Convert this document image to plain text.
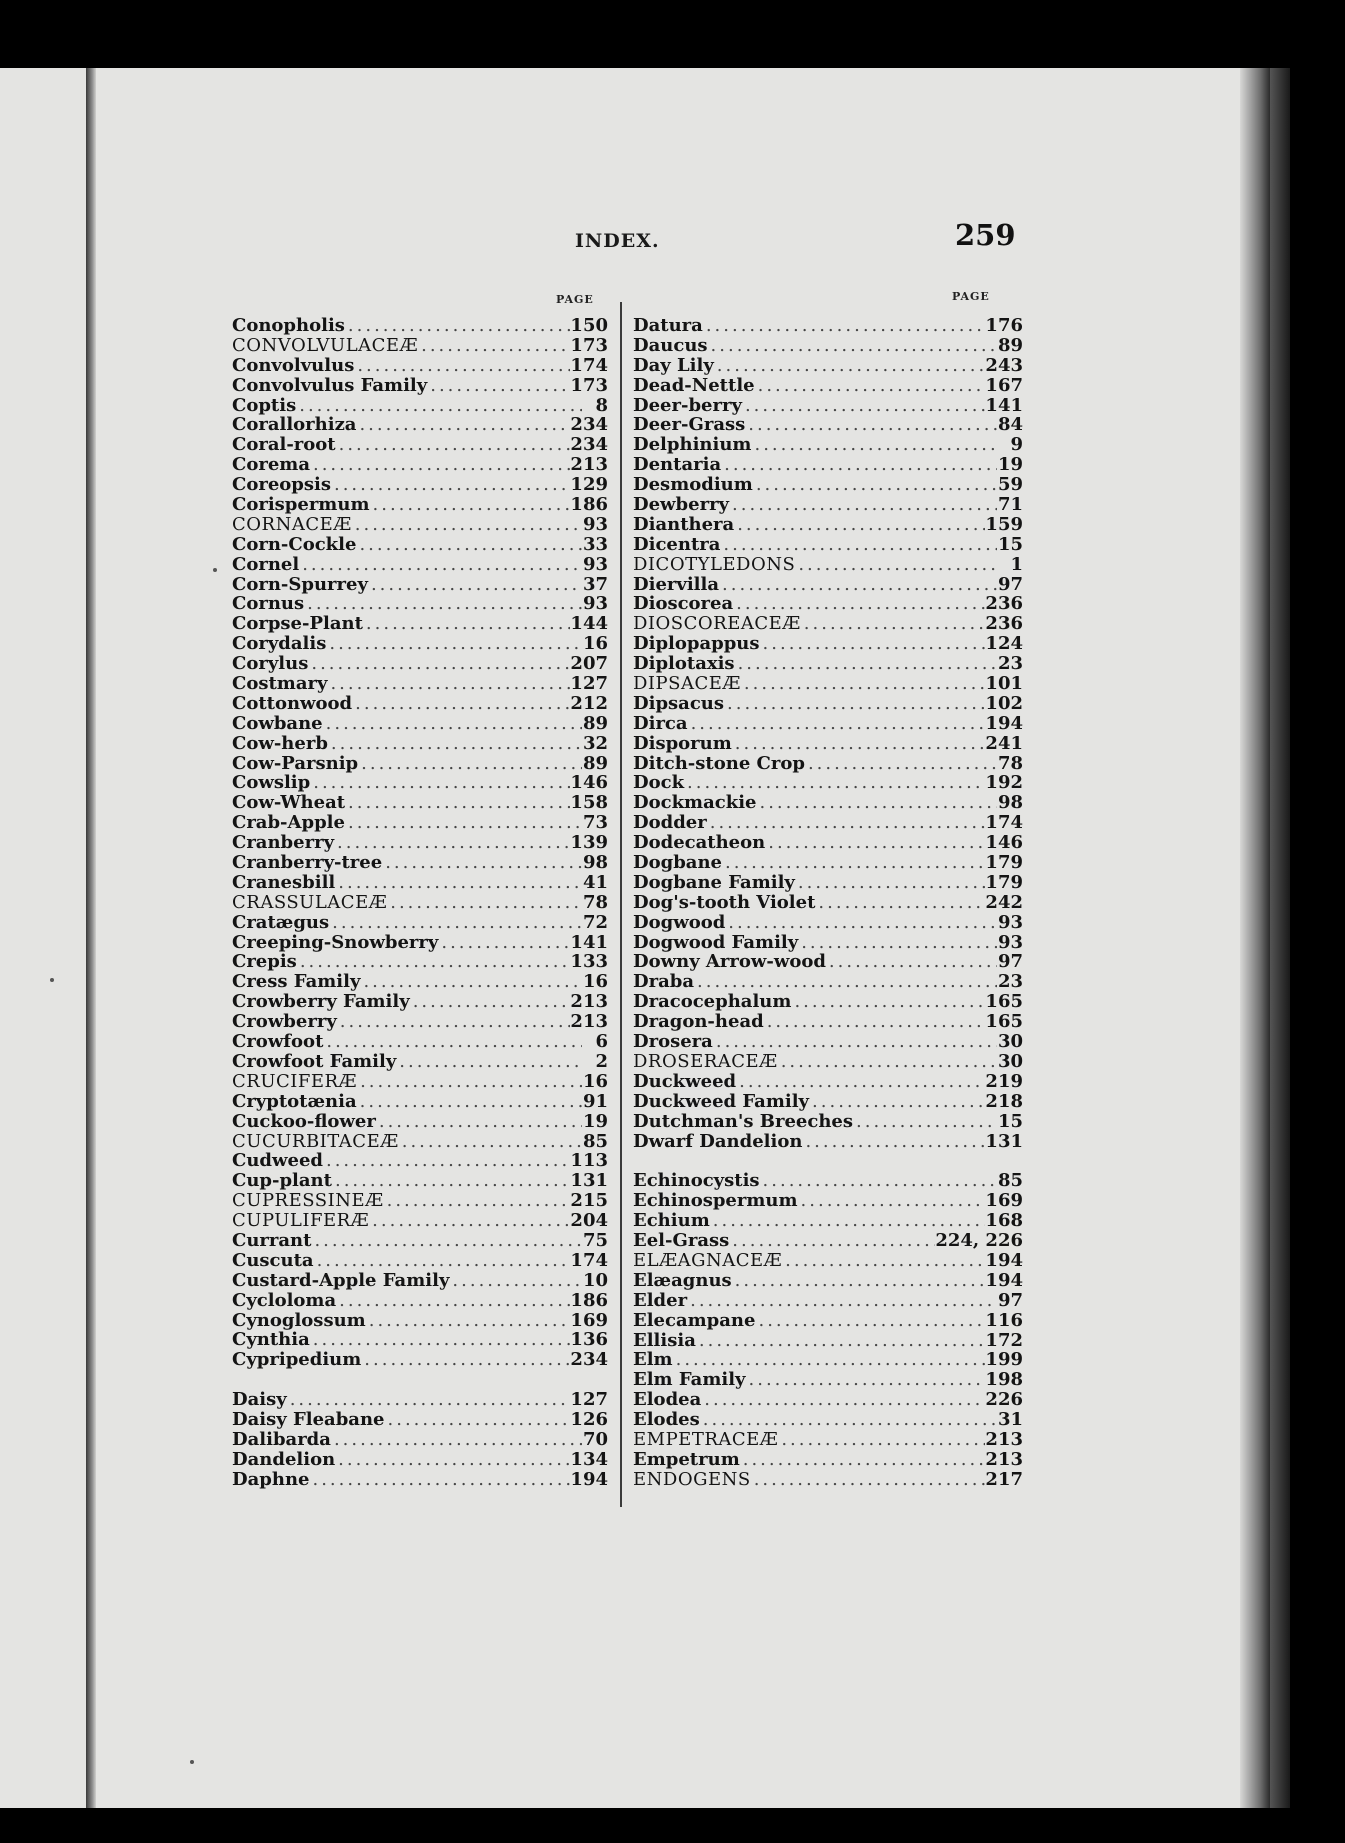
INDEX.	259
PAGE	PAGE
Conopholis .....	150
CONVOLVULACEÆ .....	173
Convolvulus .....	174
Convolvulus Family .....	173
Coptis .....	8
Corallorhiza .....	234
Coral-root .....	234
Corema .....	213
Coreopsis .....	129
Corispermum .....	186
CORNACEÆ .....	93
Corn-Cockle .....	33
Cornel .....	93
Corn-Spurrey .....	37
Cornus .....	93
Corpse-Plant .....	144
Corydalis .....	16
Corylus .....	207
Costmary .....	127
Cottonwood .....	212
Cowbane .....	89
Cow-herb .....	32
Cow-Parsnip .....	89
Cowslip .....	146
Cow-Wheat .....	158
Crab-Apple .....	73
Cranberry .....	139
Cranberry-tree .....	98
Cranesbill .....	41
CRASSULACEÆ .....	78
Cratægus .....	72
Creeping-Snowberry .....	141
Crepis .....	133
Cress Family .....	16
Crowberry Family .....	213
Crowberry .....	213
Crowfoot .....	6
Crowfoot Family .....	2
CRUCIFERÆ .....	16
Cryptotænia .....	91
Cuckoo-flower .....	19
CUCURBITACEÆ .....	85
Cudweed .....	113
Cup-plant .....	131
CUPRESSINEÆ .....	215
CUPULIFERÆ .....	204
Currant .....	75
Cuscuta .....	174
Custard-Apple Family .....	10
Cycloloma .....	186
Cynoglossum .....	169
Cynthia .....	136
Cypripedium .....	234
Daisy .....	127
Daisy Fleabane .....	126
Dalibarda .....	70
Dandelion .....	134
Daphne .....	194
Datura .....	176
Daucus .....	89
Day Lily .....	243
Dead-Nettle .....	167
Deer-berry .....	141
Deer-Grass .....	84
Delphinium .....	9
Dentaria .....	19
Desmodium .....	59
Dewberry .....	71
Dianthera .....	159
Dicentra .....	15
DICOTYLEDONS .....	1
Diervilla .....	97
Dioscorea .....	236
DIOSCOREACEÆ .....	236
Diplopappus .....	124
Diplotaxis .....	23
DIPSACEÆ .....	101
Dipsacus .....	102
Dirca .....	194
Disporum .....	241
Ditch-stone Crop .....	78
Dock .....	192
Dockmackie .....	98
Dodder .....	174
Dodecatheon .....	146
Dogbane .....	179
Dogbane Family .....	179
Dog's-tooth Violet .....	242
Dogwood .....	93
Dogwood Family .....	93
Downy Arrow-wood .....	97
Draba .....	23
Dracocephalum .....	165
Dragon-head .....	165
Drosera .....	30
DROSERACEÆ .....	30
Duckweed .....	219
Duckweed Family .....	218
Dutchman's Breeches .....	15
Dwarf Dandelion .....	131
Echinocystis .....	85
Echinospermum .....	169
Echium .....	168
Eel-Grass .....	224, 226
ELÆAGNACEÆ .....	194
Elæagnus .....	194
Elder .....	97
Elecampane .....	116
Ellisia .....	172
Elm .....	199
Elm Family .....	198
Elodea .....	226
Elodes .....	31
EMPETRACEÆ .....	213
Empetrum .....	213
ENDOGENS .....	217
